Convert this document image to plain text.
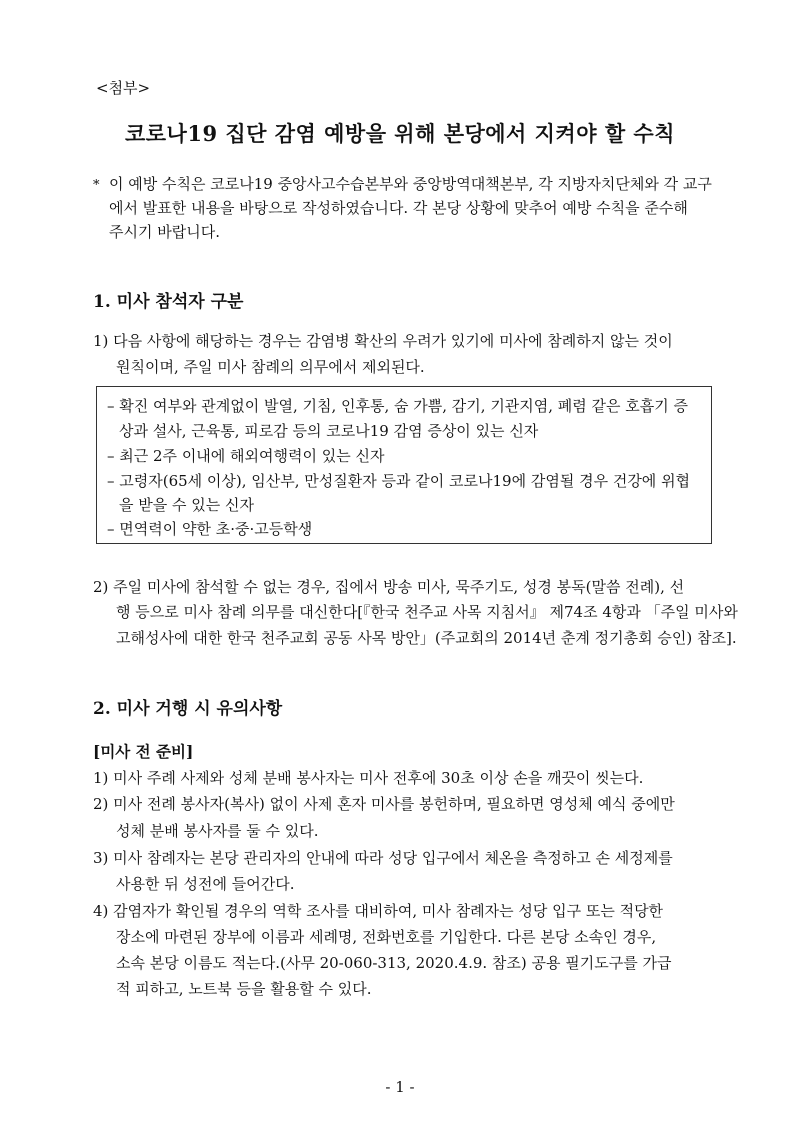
<첨부>
코로나19 집단 감염 예방을 위해 본당에서 지켜야 할 수칙
* 이 예방 수칙은 코로나19 중앙사고수습본부와 중앙방역대책본부, 각 지방자치단체와 각 교구
에서 발표한 내용을 바탕으로 작성하였습니다. 각 본당 상황에 맞추어 예방 수칙을 준수해
주시기 바랍니다.
1. 미사 참석자 구분
1) 다음 사항에 해당하는 경우는 감염병 확산의 우려가 있기에 미사에 참례하지 않는 것이
원칙이며, 주일 미사 참례의 의무에서 제외된다.
– 확진 여부와 관계없이 발열, 기침, 인후통, 숨 가쁨, 감기, 기관지염, 폐렴 같은 호흡기 증
상과 설사, 근육통, 피로감 등의 코로나19 감염 증상이 있는 신자
– 최근 2주 이내에 해외여행력이 있는 신자
– 고령자(65세 이상), 임산부, 만성질환자 등과 같이 코로나19에 감염될 경우 건강에 위협
을 받을 수 있는 신자
– 면역력이 약한 초·중·고등학생
2) 주일 미사에 참석할 수 없는 경우, 집에서 방송 미사, 묵주기도, 성경 봉독(말씀 전례), 선
행 등으로 미사 참례 의무를 대신한다[『한국 천주교 사목 지침서』 제74조 4항과 「주일 미사와
고해성사에 대한 한국 천주교회 공동 사목 방안」(주교회의 2014년 춘계 정기총회 승인) 참조].
2. 미사 거행 시 유의사항
[미사 전 준비]
1) 미사 주례 사제와 성체 분배 봉사자는 미사 전후에 30초 이상 손을 깨끗이 씻는다.
2) 미사 전례 봉사자(복사) 없이 사제 혼자 미사를 봉헌하며, 필요하면 영성체 예식 중에만
성체 분배 봉사자를 둘 수 있다.
3) 미사 참례자는 본당 관리자의 안내에 따라 성당 입구에서 체온을 측정하고 손 세정제를
사용한 뒤 성전에 들어간다.
4) 감염자가 확인될 경우의 역학 조사를 대비하여, 미사 참례자는 성당 입구 또는 적당한
장소에 마련된 장부에 이름과 세례명, 전화번호를 기입한다. 다른 본당 소속인 경우,
소속 본당 이름도 적는다.(사무 20-060-313, 2020.4.9. 참조) 공용 필기도구를 가급
적 피하고, 노트북 등을 활용할 수 있다.
- 1 -
